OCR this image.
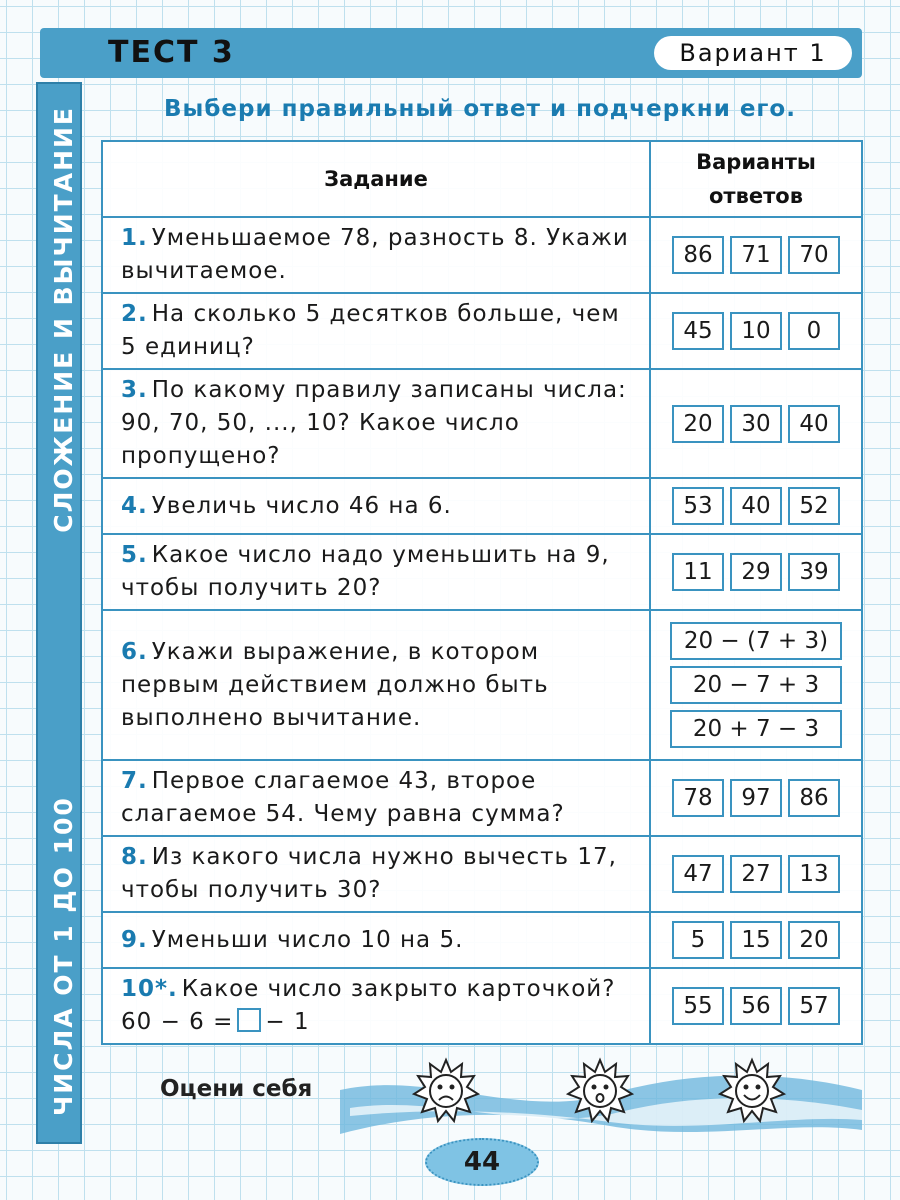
ЧИСЛА ОТ 1 ДО 100
СЛОЖЕНИЕ И ВЫЧИТАНИЕ
ТЕСТ 3	Вариант 1
Выбери правильный ответ и подчеркни его.
Задание	Варианты
ответов
1. Уменьшаемое 78, разность 8. Укажи вычитаемое.	86 71 70
2. На сколько 5 десятков больше, чем 5 единиц?	45 10 0
3. По какому правилу записаны числа: 90, 70, 50, ..., 10? Какое число пропущено?	20 30 40
4. Увеличь число 46 на 6.	53 40 52
5. Какое число надо уменьшить на 9, чтобы получить 20?	11 29 39
6. Укажи выражение, в котором первым действием должно быть выполнено вычитание.	20 − (7 + 3)
20 − 7 + 3
20 + 7 − 3

7. Первое слагаемое 43, второе слагаемое 54. Чему равна сумма?	78 97 86
8. Из какого числа нужно вычесть 17, чтобы получить 30?	47 27 13
9. Уменьши число 10 на 5.	5 15 20
10*. Какое число закрыто карточкой? 60 − 6 = − 1	55 56 57
Оцени себя
44
